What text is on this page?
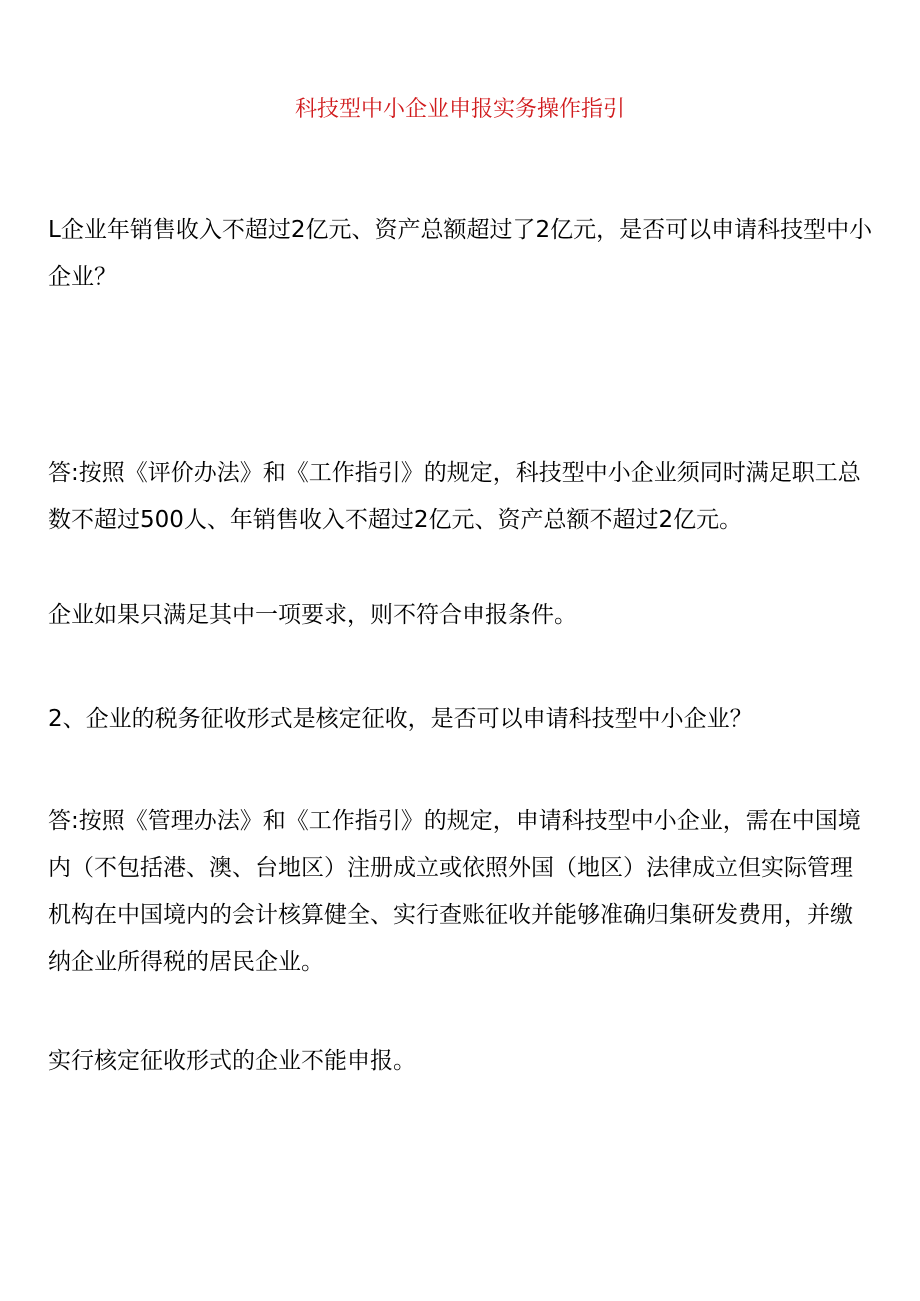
科技型中小企业申报实务操作指引

L企业年销售收入不超过2亿元、资产总额超过了2亿元，是否可以申请科技型中小企业？

答:按照《评价办法》和《工作指引》的规定，科技型中小企业须同时满足职工总数不超过500人、年销售收入不超过2亿元、资产总额不超过2亿元。

企业如果只满足其中一项要求，则不符合申报条件。

2、企业的税务征收形式是核定征收，是否可以申请科技型中小企业？

答:按照《管理办法》和《工作指引》的规定，申请科技型中小企业，需在中国境内（不包括港、澳、台地区）注册成立或依照外国（地区）法律成立但实际管理机构在中国境内的会计核算健全、实行查账征收并能够准确归集研发费用，并缴纳企业所得税的居民企业。

实行核定征收形式的企业不能申报。
